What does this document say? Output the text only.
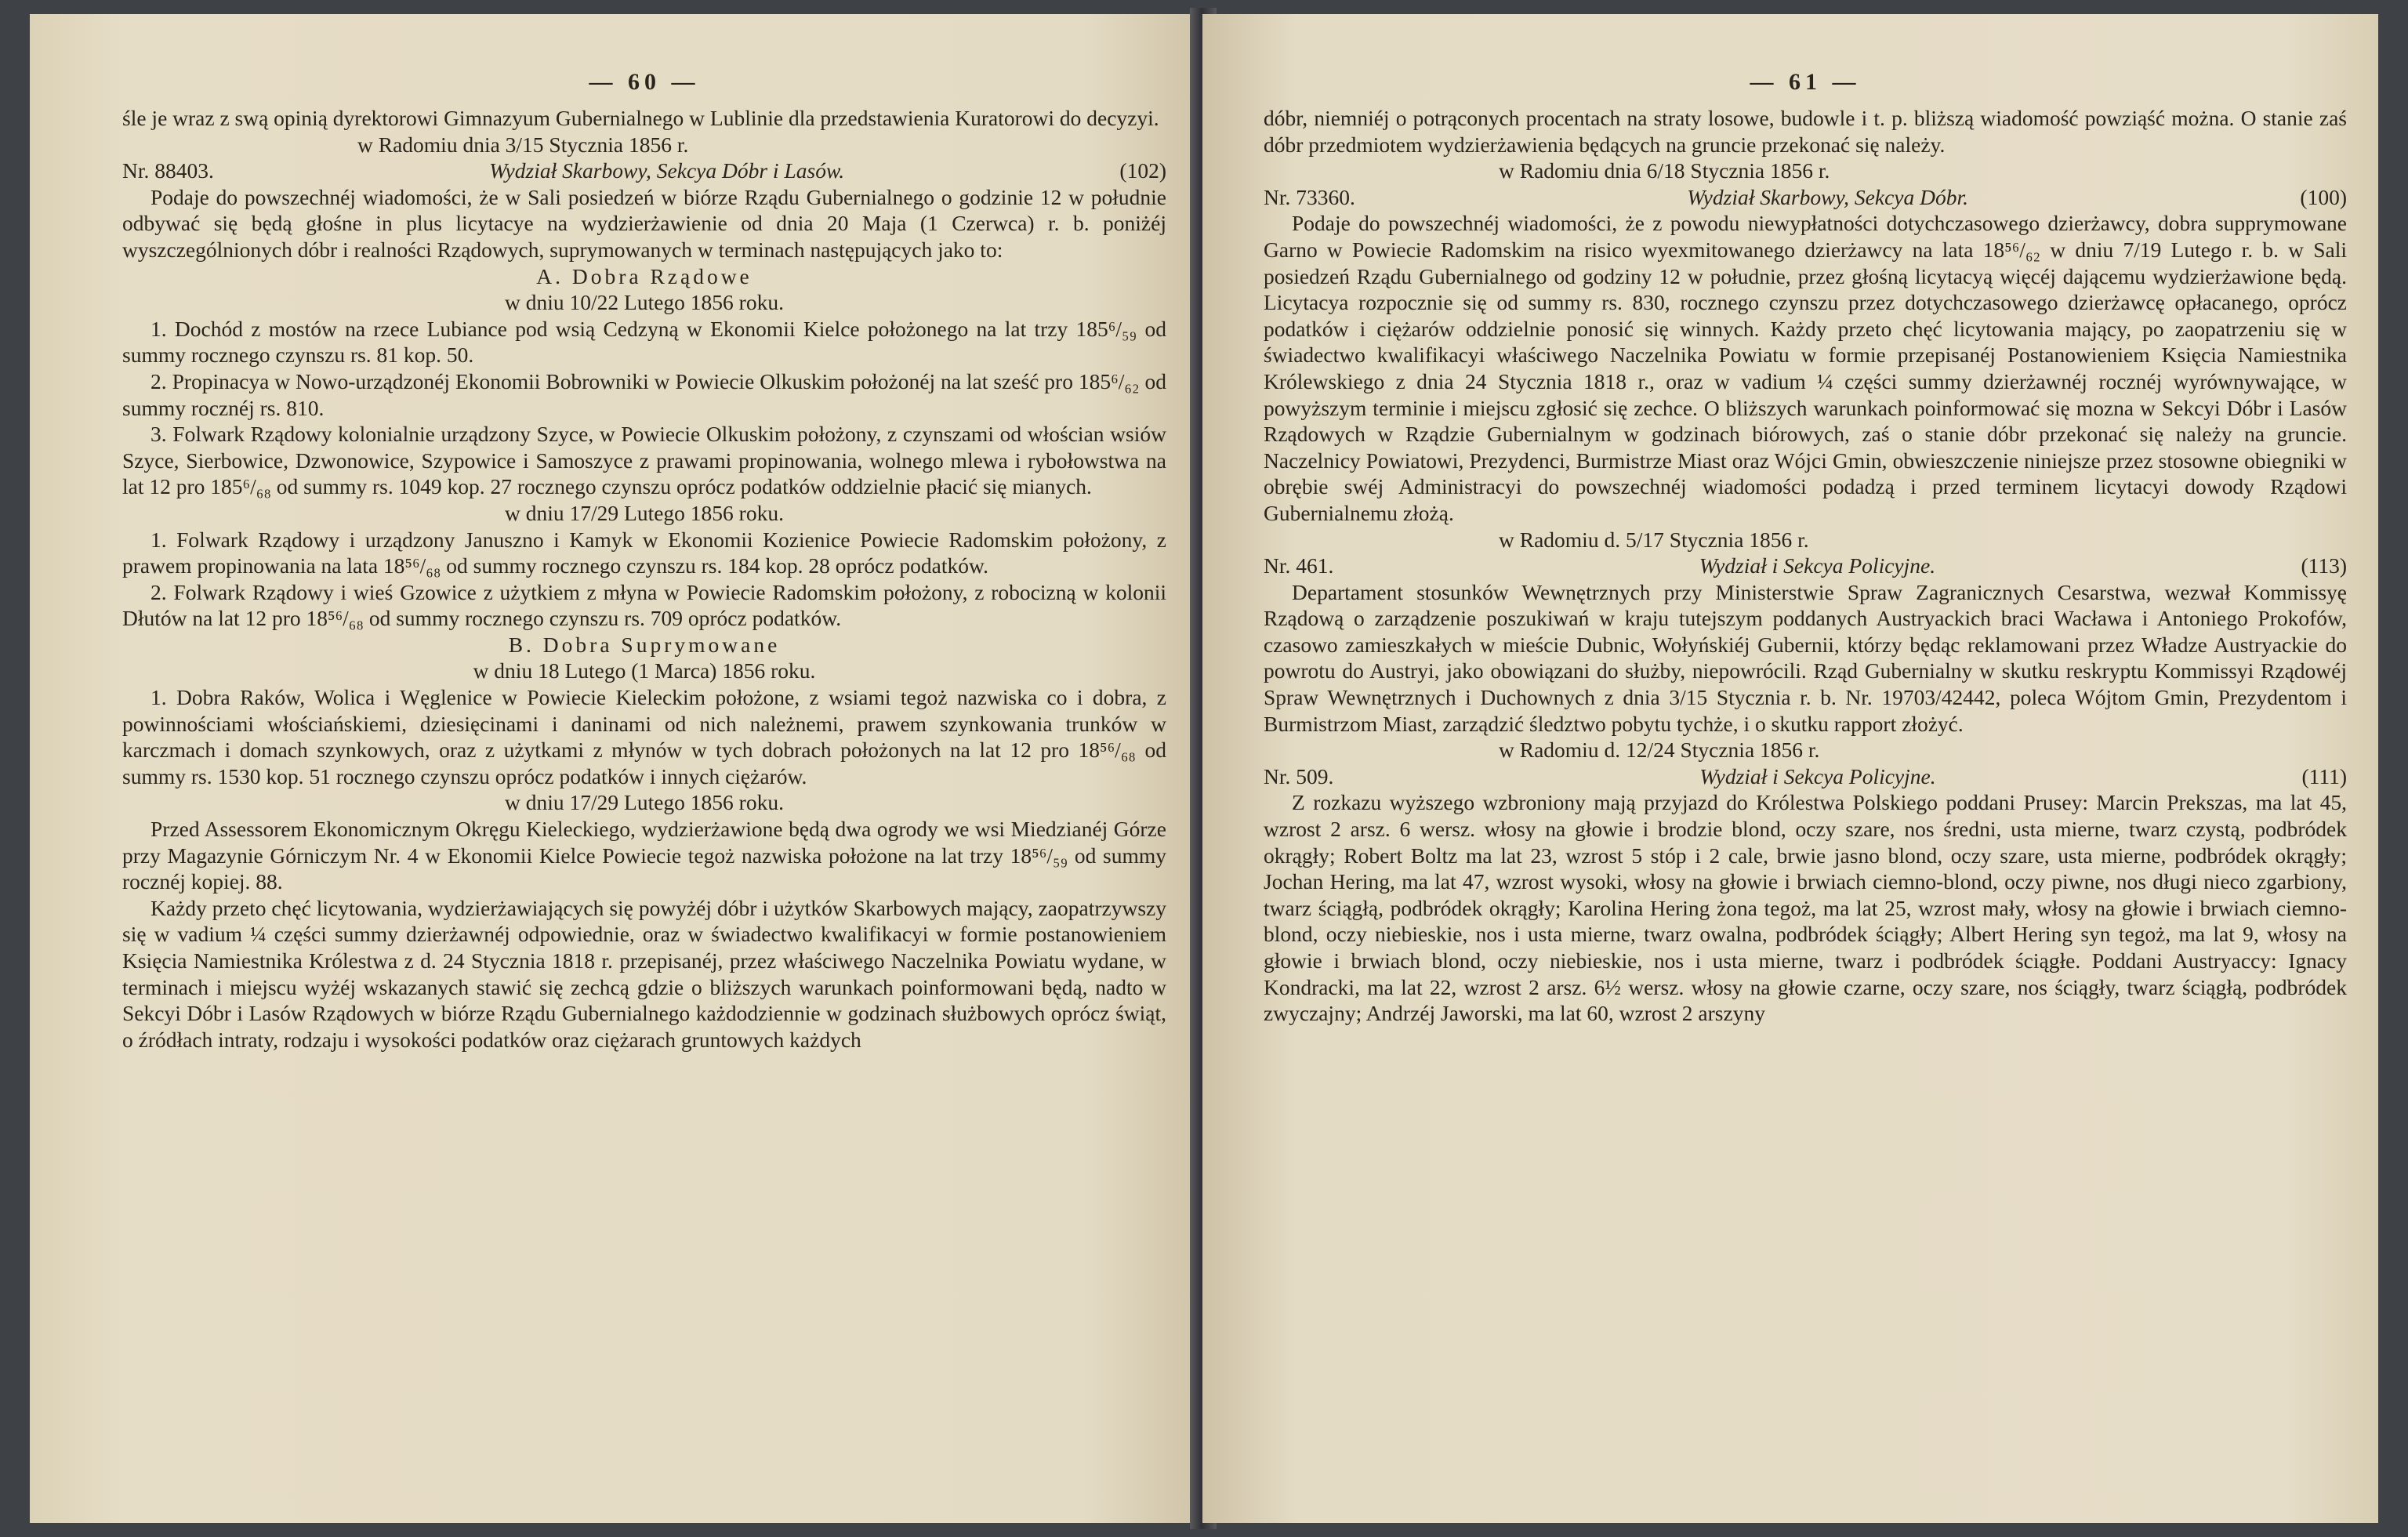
— 60 —

śle je wraz z swą opinią dyrektorowi Gimnazyum Gubernialnego w Lublinie dla przedstawienia Kuratorowi do decyzyi.

w Radomiu dnia 3/15 Stycznia 1856 r.

Nr. 88403.	Wydział Skarbowy, Sekcya Dóbr i Lasów.	(102)

Podaje do powszechnéj wiadomości, że w Sali posiedzeń w biórze Rządu Gubernialnego o godzinie 12 w południe odbywać się będą głośne in plus licytacye na wydzierżawienie od dnia 20 Maja (1 Czerwca) r. b. poniżéj wyszczególnionych dóbr i realności Rządowych, suprymowanych w terminach następujących jako to:

A. Dobra Rządowe

w dniu 10/22 Lutego 1856 roku.

1. Dochód z mostów na rzece Lubiance pod wsią Cedzyną w Ekonomii Kielce położonego na lat trzy 185⁶/₅₉ od summy rocznego czynszu rs. 81 kop. 50.

2. Propinacya w Nowo-urządzonéj Ekonomii Bobrowniki w Powiecie Olkuskim położonéj na lat sześć pro 185⁶/₆₂ od summy rocznéj rs. 810.

3. Folwark Rządowy kolonialnie urządzony Szyce, w Powiecie Olkuskim położony, z czynszami od włościan wsiów Szyce, Sierbowice, Dzwonowice, Szypowice i Samoszyce z prawami propinowania, wolnego mlewa i rybołowstwa na lat 12 pro 185⁶/₆₈ od summy rs. 1049 kop. 27 rocznego czynszu oprócz podatków oddzielnie płacić się mianych.

w dniu 17/29 Lutego 1856 roku.

1. Folwark Rządowy i urządzony Januszno i Kamyk w Ekonomii Kozienice Powiecie Radomskim położony, z prawem propinowania na lata 18⁵⁶/₆₈ od summy rocznego czynszu rs. 184 kop. 28 oprócz podatków.

2. Folwark Rządowy i wieś Gzowice z użytkiem z młyna w Powiecie Radomskim położony, z robocizną w kolonii Dłutów na lat 12 pro 18⁵⁶/₆₈ od summy rocznego czynszu rs. 709 oprócz podatków.

B. Dobra Suprymowane

w dniu 18 Lutego (1 Marca) 1856 roku.

1. Dobra Raków, Wolica i Węglenice w Powiecie Kieleckim położone, z wsiami tegoż nazwiska co i dobra, z powinnościami włościańskiemi, dziesięcinami i daninami od nich należnemi, prawem szynkowania trunków w karczmach i domach szynkowych, oraz z użytkami z młynów w tych dobrach położonych na lat 12 pro 18⁵⁶/₆₈ od summy rs. 1530 kop. 51 rocznego czynszu oprócz podatków i innych ciężarów.

w dniu 17/29 Lutego 1856 roku.

Przed Assessorem Ekonomicznym Okręgu Kieleckiego, wydzierżawione będą dwa ogrody we wsi Miedzianéj Górze przy Magazynie Górniczym Nr. 4 w Ekonomii Kielce Powiecie tegoż nazwiska położone na lat trzy 18⁵⁶/₅₉ od summy rocznéj kopiej. 88.

Każdy przeto chęć licytowania, wydzierżawiających się powyżéj dóbr i użytków Skarbowych mający, zaopatrzywszy się w vadium ¼ części summy dzierżawnéj odpowiednie, oraz w świadectwo kwalifikacyi w formie postanowieniem Księcia Namiestnika Królestwa z d. 24 Stycznia 1818 r. przepisanéj, przez właściwego Naczelnika Powiatu wydane, w terminach i miejscu wyżéj wskazanych stawić się zechcą gdzie o bliższych warunkach poinformowani będą, nadto w Sekcyi Dóbr i Lasów Rządowych w biórze Rządu Gubernialnego każdodziennie w godzinach służbowych oprócz świąt, o źródłach intraty, rodzaju i wysokości podatków oraz ciężarach gruntowych każdych

— 61 —

dóbr, niemniéj o potrąconych procentach na straty losowe, budowle i t. p. bliższą wiadomość powziąść można. O stanie zaś dóbr przedmiotem wydzierżawienia będących na gruncie przekonać się należy.

w Radomiu dnia 6/18 Stycznia 1856 r.

Nr. 73360.	Wydział Skarbowy, Sekcya Dóbr.	(100)

Podaje do powszechnéj wiadomości, że z powodu niewypłatności dotychczasowego dzierżawcy, dobra supprymowane Garno w Powiecie Radomskim na risico wyexmitowanego dzierżawcy na lata 18⁵⁶/₆₂ w dniu 7/19 Lutego r. b. w Sali posiedzeń Rządu Gubernialnego od godziny 12 w południe, przez głośną licytacyą więcéj dającemu wydzierżawione będą. Licytacya rozpocznie się od summy rs. 830, rocznego czynszu przez dotychczasowego dzierżawcę opłacanego, oprócz podatków i ciężarów oddzielnie ponosić się winnych. Każdy przeto chęć licytowania mający, po zaopatrzeniu się w świadectwo kwalifikacyi właściwego Naczelnika Powiatu w formie przepisanéj Postanowieniem Księcia Namiestnika Królewskiego z dnia 24 Stycznia 1818 r., oraz w vadium ¼ części summy dzierżawnéj rocznéj wyrównywające, w powyższym terminie i miejscu zgłosić się zechce. O bliższych warunkach poinformować się mozna w Sekcyi Dóbr i Lasów Rządowych w Rządzie Gubernialnym w godzinach biórowych, zaś o stanie dóbr przekonać się należy na gruncie. Naczelnicy Powiatowi, Prezydenci, Burmistrze Miast oraz Wójci Gmin, obwieszczenie niniejsze przez stosowne obiegniki w obrębie swéj Administracyi do powszechnéj wiadomości podadzą i przed terminem licytacyi dowody Rządowi Gubernialnemu złożą.

w Radomiu d. 5/17 Stycznia 1856 r.

Nr. 461.	Wydział i Sekcya Policyjne.	(113)

Departament stosunków Wewnętrznych przy Ministerstwie Spraw Zagranicznych Cesarstwa, wezwał Kommissyę Rządową o zarządzenie poszukiwań w kraju tutejszym poddanych Austryackich braci Wacława i Antoniego Prokofów, czasowo zamieszkałych w mieście Dubnic, Wołyńskiéj Gubernii, którzy będąc reklamowani przez Władze Austryackie do powrotu do Austryi, jako obowiązani do służby, niepowrócili. Rząd Gubernialny w skutku reskryptu Kommissyi Rządowéj Spraw Wewnętrznych i Duchownych z dnia 3/15 Stycznia r. b. Nr. 19703/42442, poleca Wójtom Gmin, Prezydentom i Burmistrzom Miast, zarządzić śledztwo pobytu tychże, i o skutku rapport złożyć.

w Radomiu d. 12/24 Stycznia 1856 r.

Nr. 509.	Wydział i Sekcya Policyjne.	(111)

Z rozkazu wyższego wzbroniony mają przyjazd do Królestwa Polskiego poddani Prusey: Marcin Prekszas, ma lat 45, wzrost 2 arsz. 6 wersz. włosy na głowie i brodzie blond, oczy szare, nos średni, usta mierne, twarz czystą, podbródek okrągły; Robert Boltz ma lat 23, wzrost 5 stóp i 2 cale, brwie jasno blond, oczy szare, usta mierne, podbródek okrągły; Jochan Hering, ma lat 47, wzrost wysoki, włosy na głowie i brwiach ciemno-blond, oczy piwne, nos długi nieco zgarbiony, twarz ściągłą, podbródek okrągły; Karolina Hering żona tegoż, ma lat 25, wzrost mały, włosy na głowie i brwiach ciemno-blond, oczy niebieskie, nos i usta mierne, twarz owalna, podbródek ściągły; Albert Hering syn tegoż, ma lat 9, włosy na głowie i brwiach blond, oczy niebieskie, nos i usta mierne, twarz i podbródek ściągłe. Poddani Austryaccy: Ignacy Kondracki, ma lat 22, wzrost 2 arsz. 6½ wersz. włosy na głowie czarne, oczy szare, nos ściągły, twarz ściągłą, podbródek zwyczajny; Andrzéj Jaworski, ma lat 60, wzrost 2 arszyny
